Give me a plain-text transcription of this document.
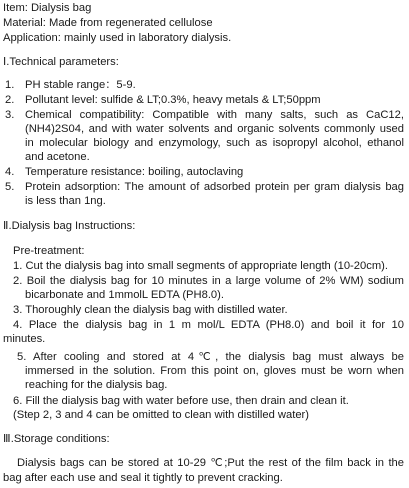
Item: Dialysis bag
Material: Made from regenerated cellulose
Application: mainly used in laboratory dialysis.
Ⅰ.Technical parameters:
1. PH stable range：5-9.
2. Pollutant level: sulfide & LT;0.3%, heavy metals & LT;50ppm
3. Chemical compatibility: Compatible with many salts, such as CaC12,
(NH4)2S04, and with water solvents and organic solvents commonly used
in molecular biology and enzymology, such as isopropyl alcohol, ethanol
and acetone.
4. Temperature resistance: boiling, autoclaving
5. Protein adsorption: The amount of adsorbed protein per gram dialysis bag
is less than 1ng.
Ⅱ.Dialysis bag Instructions:
Pre-treatment:
1. Cut the dialysis bag into small segments of appropriate length (10-20cm).
2. Boil the dialysis bag for 10 minutes in a large volume of 2% WM) sodium
bicarbonate and 1mmolL EDTA (PH8.0).
3. Thoroughly clean the dialysis bag with distilled water.
4. Place the dialysis bag in 1 m mol/L EDTA (PH8.0) and boil it for 10
minutes.
5. After cooling and stored at 4℃, the dialysis bag must always be
immersed in the solution. From this point on, gloves must be worn when
reaching for the dialysis bag.
6. Fill the dialysis bag with water before use, then drain and clean it.
(Step 2, 3 and 4 can be omitted to clean with distilled water)
Ⅲ.Storage conditions:
Dialysis bags can be stored at 10-29 ℃;Put the rest of the film back in the
bag after each use and seal it tightly to prevent cracking.
